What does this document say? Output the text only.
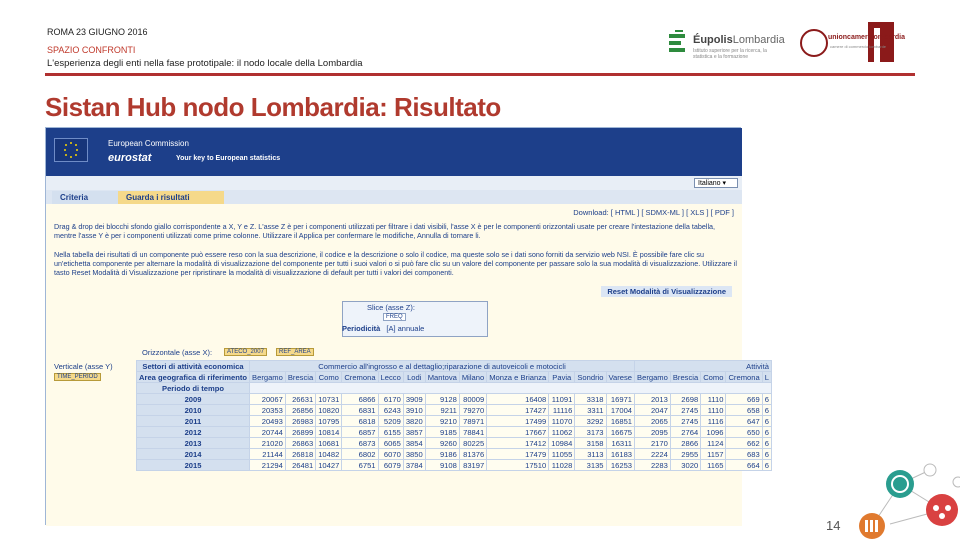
ROMA 23 GIUGNO 2016
SPAZIO CONFRONTI
L'esperienza degli enti nella fase prototipale: il nodo locale della Lombardia
ÉupolisLombardia
Istituto superiore per la ricerca, la statistica e la formazione
unioncamerelombardia
camere di commercio lombarde
Sistan Hub nodo Lombardia: Risultato
European Commission
eurostat	Your key to European statistics
Italiano ▾
Criteria	Guarda i risultati
Download: [ HTML ] [ SDMX-ML ] [ XLS ] [ PDF ]
Drag & drop dei blocchi sfondo giallo corrispondente a X, Y e Z. L'asse Z è per i componenti utilizzati per filtrare i dati visibili, l'asse X è per le componenti orizzontali usate per creare l'intestazione della tabella, mentre l'asse Y è per i componenti utilizzati come prime colonne. Utilizzare il Applica per confermare le modifiche, Annulla di tornare li.
Nella tabella dei risultati di un componente può essere reso con la sua descrizione, il codice e la descrizione o solo il codice, ma queste solo se i dati sono forniti da servizio web NSI. È possibile fare clic su un'etichetta componente per alternare la modalità di visualizzazione del componente per tutti i suoi valori o si può fare clic su un valore del componente per passare solo la sua modalità di visualizzazione. Utilizzare il tasto Reset Modalità di Visualizzazione per ripristinare la modalità di visualizzazione di default per tutti i valori dei componenti.
Reset Modalità di Visualizzazione
Slice (asse Z):
FREQ
Periodicità [A] annuale
Orizzontale (asse X):	ATECO_2007	REF_AREA
Verticale (asse Y)
TIME_PERIOD
Settori di attività economica	Commercio all'ingrosso e al dettaglio;riparazione di autoveicoli e motocicli												Attività				
Area geografica di riferimento	Bergamo	Brescia	Como	Cremona	Lecco	Lodi	Mantova	Milano	Monza e Brianza	Pavia	Sondrio	Varese	Bergamo	Brescia	Como	Cremona	L
Periodo di tempo																	
2009	20067	26631	10731	6866	6170	3909	9128	80009	16408	11091	3318	16971	2013	2698	1110	669	6
2010	20353	26856	10820	6831	6243	3910	9211	79270	17427	11116	3311	17004	2047	2745	1110	658	6
2011	20493	26983	10795	6818	5209	3820	9210	78971	17499	11070	3292	16851	2065	2745	1116	647	6
2012	20744	26899	10814	6857	6155	3857	9185	78841	17667	11062	3173	16675	2095	2764	1096	650	6
2013	21020	26863	10681	6873	6065	3854	9260	80225	17412	10984	3158	16311	2170	2866	1124	662	6
2014	21144	26818	10482	6802	6070	3850	9186	81376	17479	11055	3113	16183	2224	2955	1157	683	6
2015	21294	26481	10427	6751	6079	3784	9108	83197	17510	11028	3135	16253	2283	3020	1165	664	6
14
